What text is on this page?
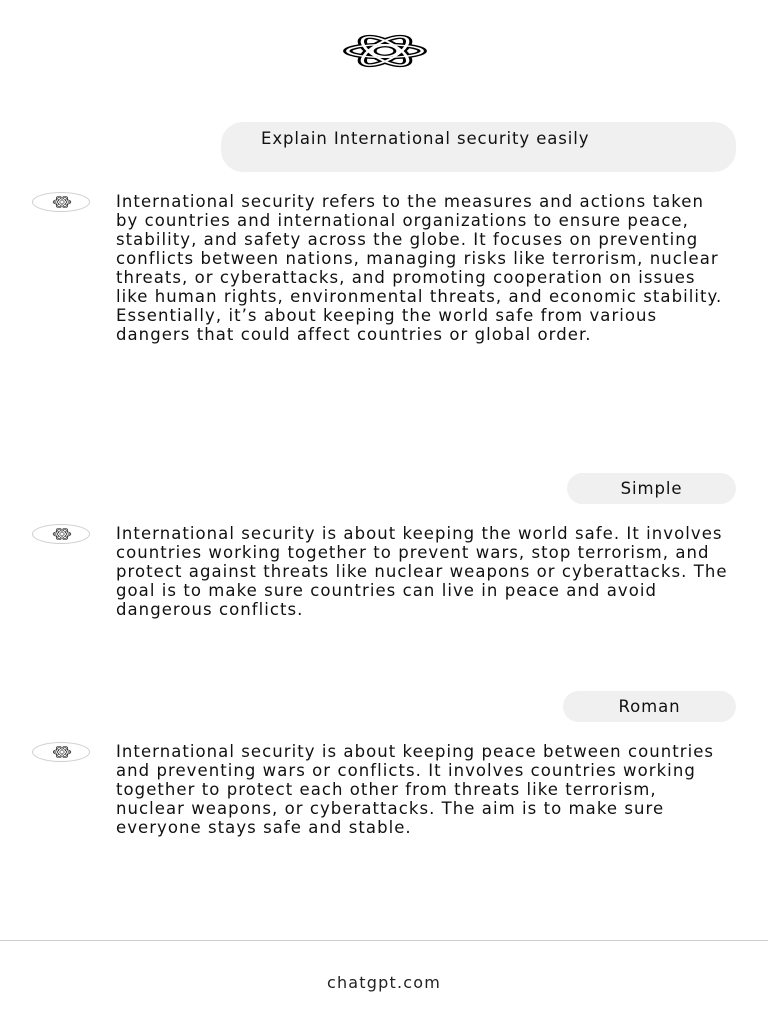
Explain International security easily
International security refers to the measures and actions taken by countries and international organizations to ensure peace, stability, and safety across the globe. It focuses on preventing conflicts between nations, managing risks like terrorism, nuclear threats, or cyberattacks, and promoting cooperation on issues like human rights, environmental threats, and economic stability. Essentially, it’s about keeping the world safe from various dangers that could affect countries or global order.
Simple
International security is about keeping the world safe. It involves countries working together to prevent wars, stop terrorism, and protect against threats like nuclear weapons or cyberattacks. The goal is to make sure countries can live in peace and avoid dangerous conflicts.
Roman
International security is about keeping peace between countries and preventing wars or conflicts. It involves countries working together to protect each other from threats like terrorism, nuclear weapons, or cyberattacks. The aim is to make sure everyone stays safe and stable.
chatgpt.com
